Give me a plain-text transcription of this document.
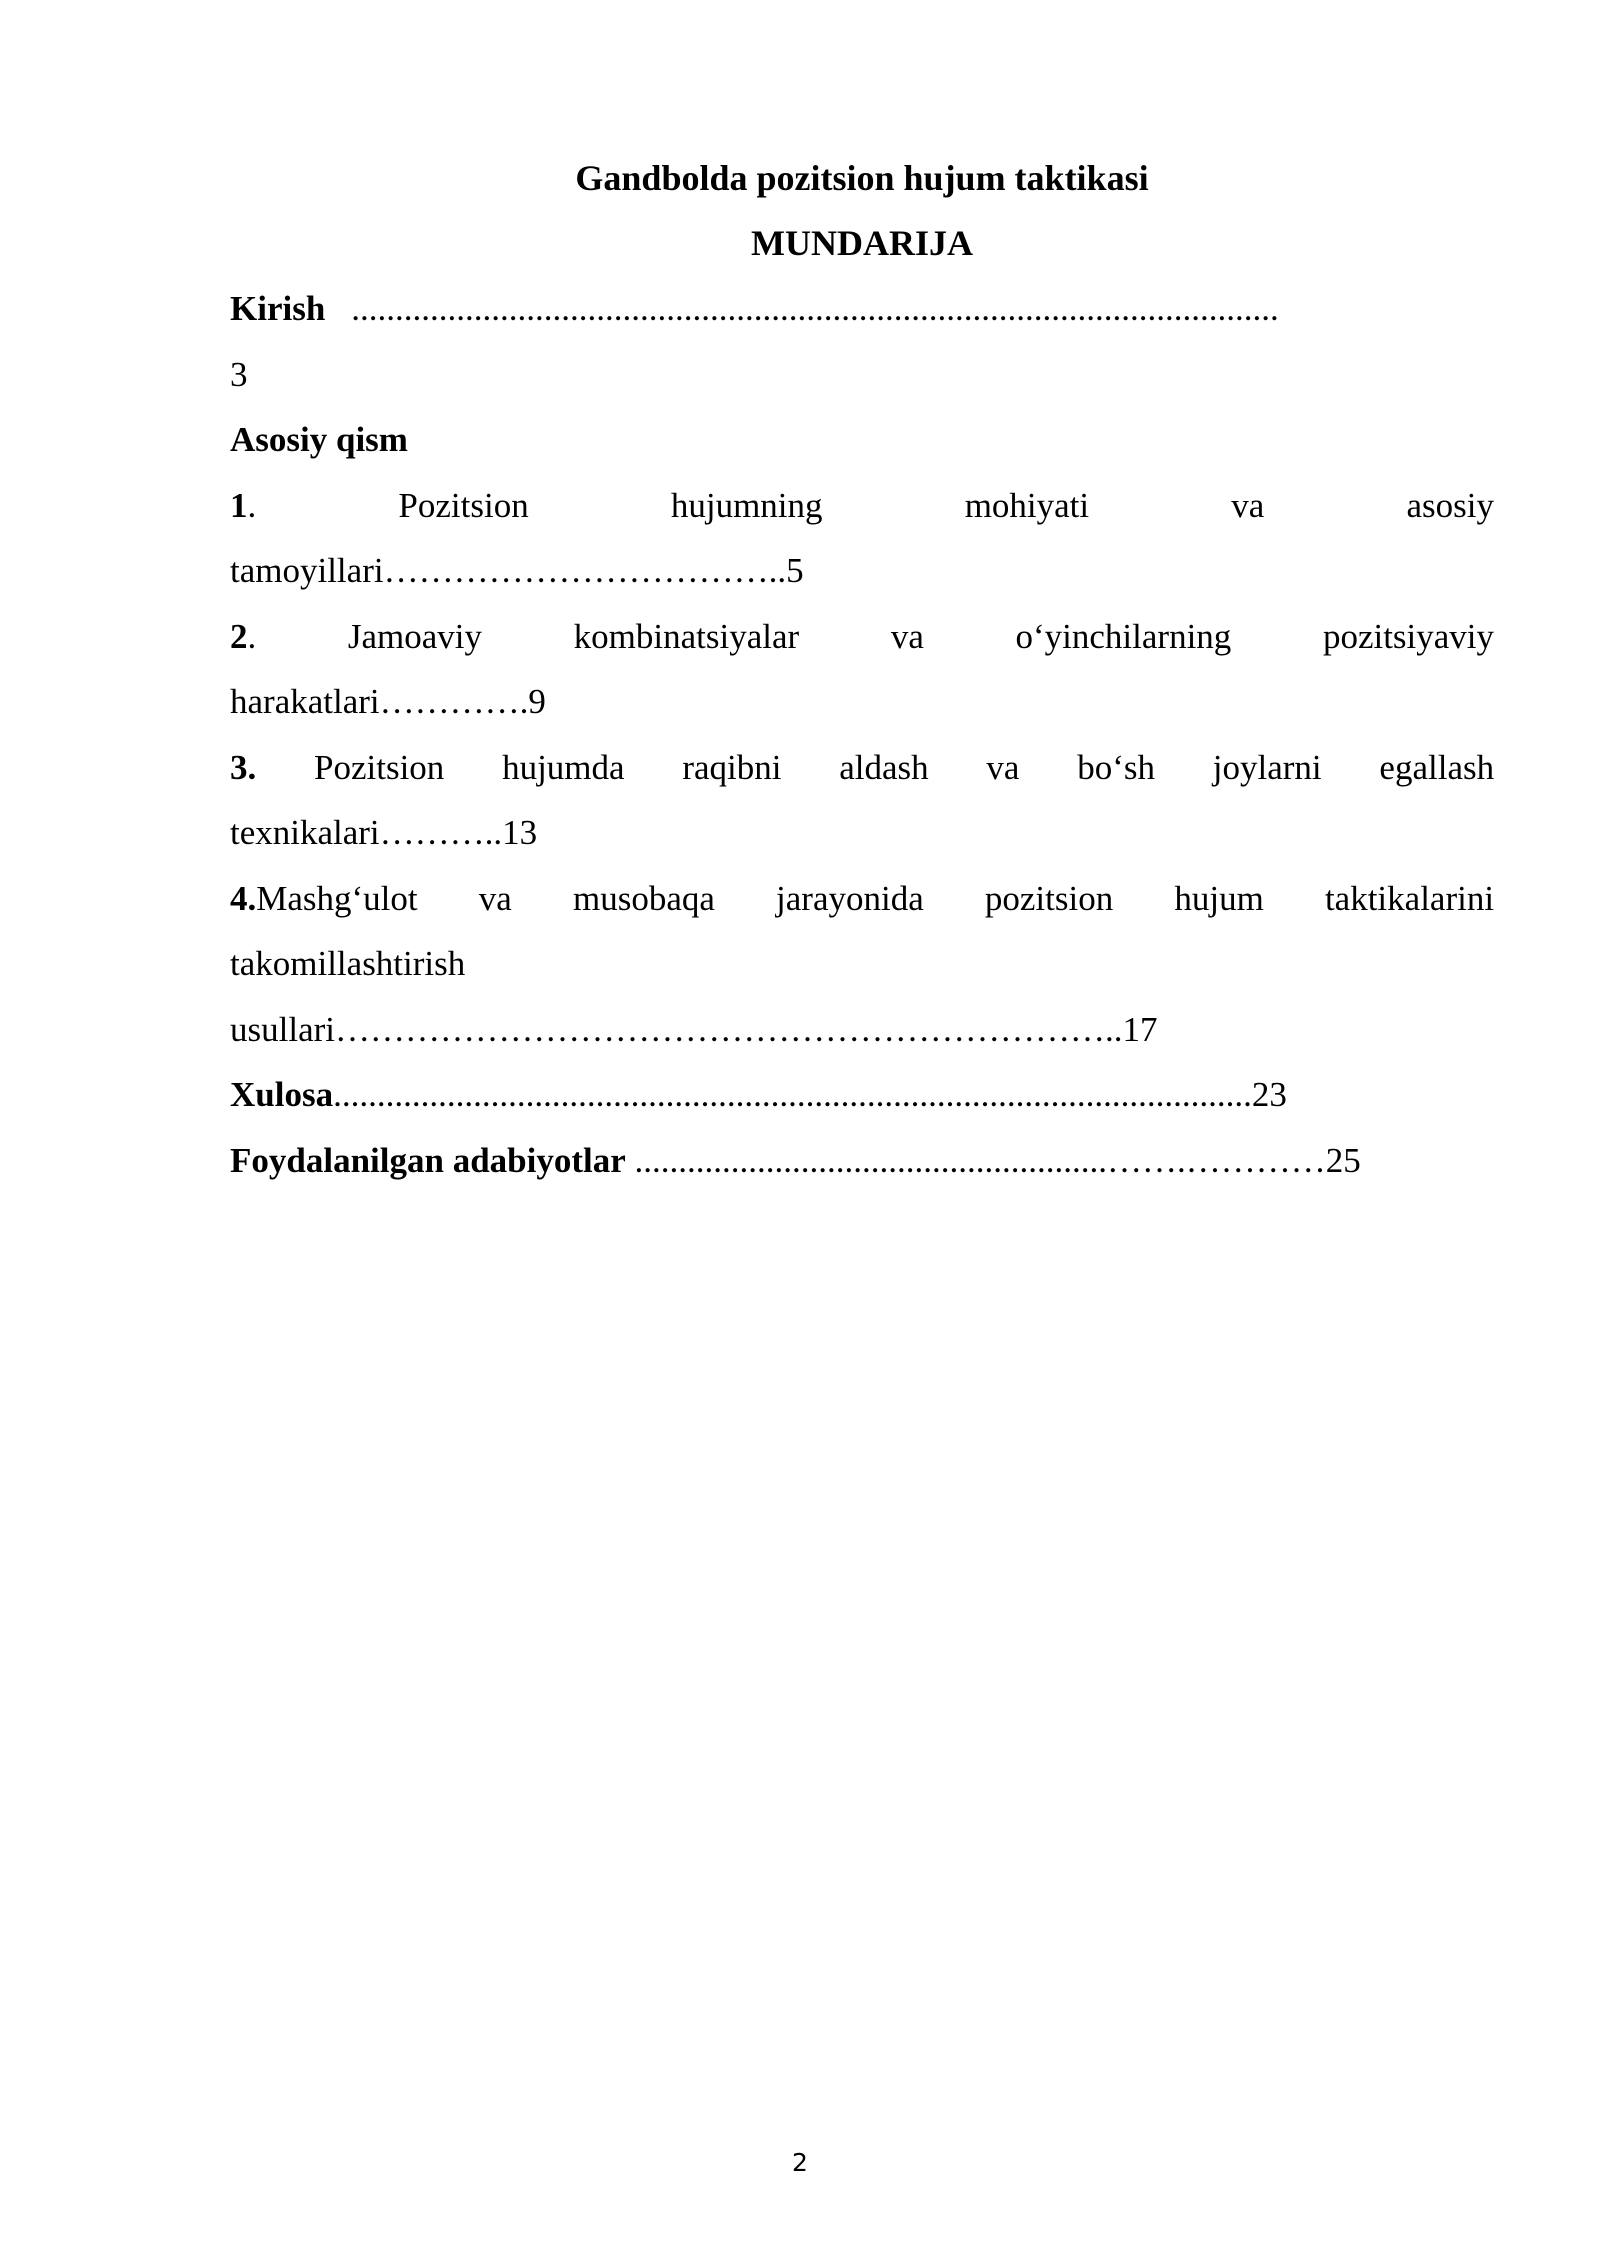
Gandbolda pozitsion hujum taktikasi
MUNDARIJA
Kirish ..........................................................................................................
3
Asosiy qism
1.	Pozitsion	hujumning	mohiyati	va	asosiy
tamoyillari……………………………..5
2.	Jamoaviy	kombinatsiyalar	va	o‘yinchilarning	pozitsiyaviy
harakatlari………….9
3. Pozitsion hujumda raqibni aldash va bo‘sh joylarni egallash
texnikalari………..13
4.Mashg‘ulot va musobaqa jarayonida pozitsion hujum taktikalarini
takomillashtirish
usullari…………………………………………………………..17
Xulosa.........................................................................................................23
Foydalanilgan adabiyotlar ......................................................…….…………25
2
